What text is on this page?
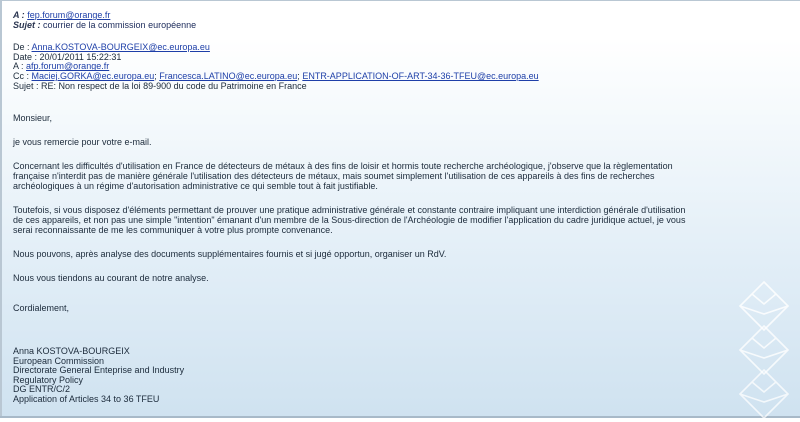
A : fep.forum@orange.fr
Sujet : courrier de la commission européenne
De : Anna.KOSTOVA-BOURGEIX@ec.europa.eu
Date : 20/01/2011 15:22:31
A : afp.forum@orange.fr
Cc : Maciej.GORKA@ec.europa.eu; Francesca.LATINO@ec.europa.eu; ENTR-APPLICATION-OF-ART-34-36-TFEU@ec.europa.eu
Sujet : RE: Non respect de la loi 89-900 du code du Patrimoine en France
Monsieur,
je vous remercie pour votre e-mail.
Concernant les difficultés d'utilisation en France de détecteurs de métaux à des fins de loisir et hormis toute recherche archéologique, j'observe que la règlementation
française n'interdit pas de manière générale l'utilisation des détecteurs de métaux, mais soumet simplement l'utilisation de ces appareils à des fins de recherches
archéologiques à un régime d'autorisation administrative ce qui semble tout à fait justifiable.
Toutefois, si vous disposez d'éléments permettant de prouver une pratique administrative générale et constante contraire impliquant une interdiction générale d'utilisation
de ces appareils, et non pas une simple "intention" émanant d'un membre de la Sous-direction de l'Archéologie de modifier l'application du cadre juridique actuel, je vous
serai reconnaissante de me les communiquer à votre plus prompte convenance.
Nous pouvons, après analyse des documents supplémentaires fournis et si jugé opportun, organiser un RdV.
Nous vous tiendons au courant de notre analyse.
Cordialement,
Anna KOSTOVA-BOURGEIX
European Commission
Directorate General Enteprise and Industry
Regulatory Policy
DG ENTR/C/2
Application of Articles 34 to 36 TFEU
